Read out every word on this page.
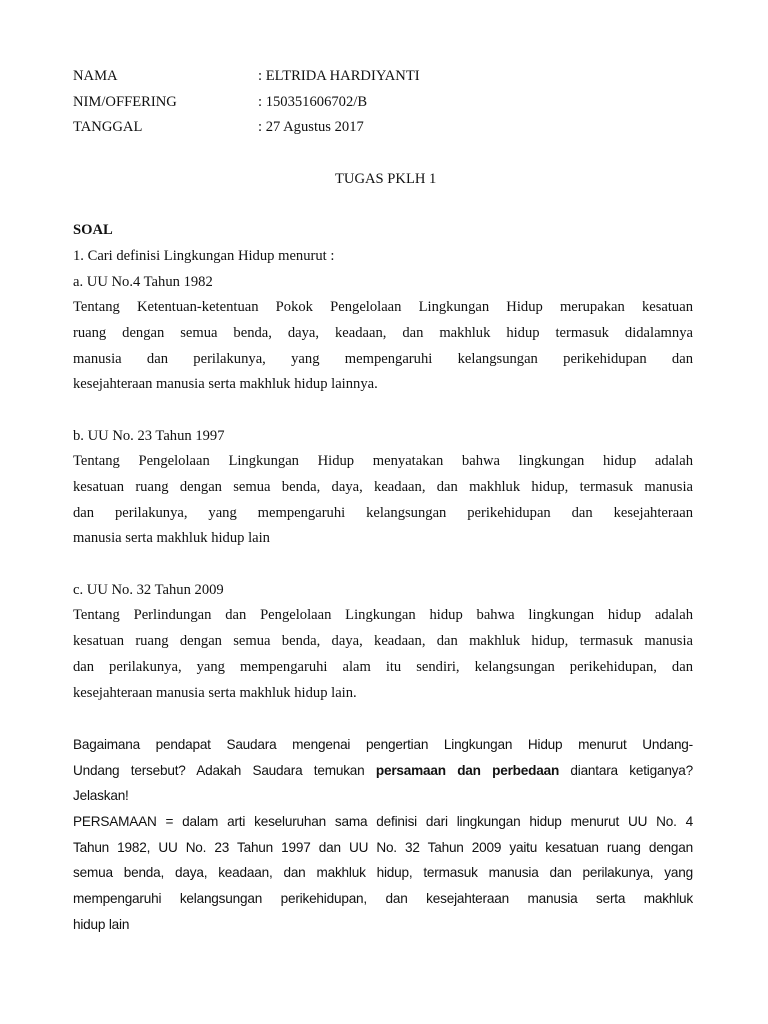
NAMA	: ELTRIDA HARDIYANTI
NIM/OFFERING	: 150351606702/B
TANGGAL	: 27 Agustus 2017
TUGAS PKLH 1
SOAL
1. Cari definisi Lingkungan Hidup menurut :
a. UU No.4 Tahun 1982
Tentang Ketentuan-ketentuan Pokok Pengelolaan Lingkungan Hidup merupakan kesatuan
ruang dengan semua benda, daya, keadaan, dan makhluk hidup termasuk didalamnya
manusia dan perilakunya, yang mempengaruhi kelangsungan perikehidupan dan
kesejahteraan manusia serta makhluk hidup lainnya.
b. UU No. 23 Tahun 1997
Tentang Pengelolaan Lingkungan Hidup menyatakan bahwa lingkungan hidup adalah
kesatuan ruang dengan semua benda, daya, keadaan, dan makhluk hidup, termasuk manusia
dan perilakunya, yang mempengaruhi kelangsungan perikehidupan dan kesejahteraan
manusia serta makhluk hidup lain
c. UU No. 32 Tahun 2009
Tentang Perlindungan dan Pengelolaan Lingkungan hidup bahwa lingkungan hidup adalah
kesatuan ruang dengan semua benda, daya, keadaan, dan makhluk hidup, termasuk manusia
dan perilakunya, yang mempengaruhi alam itu sendiri, kelangsungan perikehidupan, dan
kesejahteraan manusia serta makhluk hidup lain.
Bagaimana pendapat Saudara mengenai pengertian Lingkungan Hidup menurut Undang-
Undang tersebut? Adakah Saudara temukan persamaan dan perbedaan diantara ketiganya?
Jelaskan!
PERSAMAAN = dalam arti keseluruhan sama definisi dari lingkungan hidup menurut UU No. 4
Tahun 1982, UU No. 23 Tahun 1997 dan UU No. 32 Tahun 2009 yaitu kesatuan ruang dengan
semua benda, daya, keadaan, dan makhluk hidup, termasuk manusia dan perilakunya, yang
mempengaruhi kelangsungan perikehidupan, dan kesejahteraan manusia serta makhluk
hidup lain
